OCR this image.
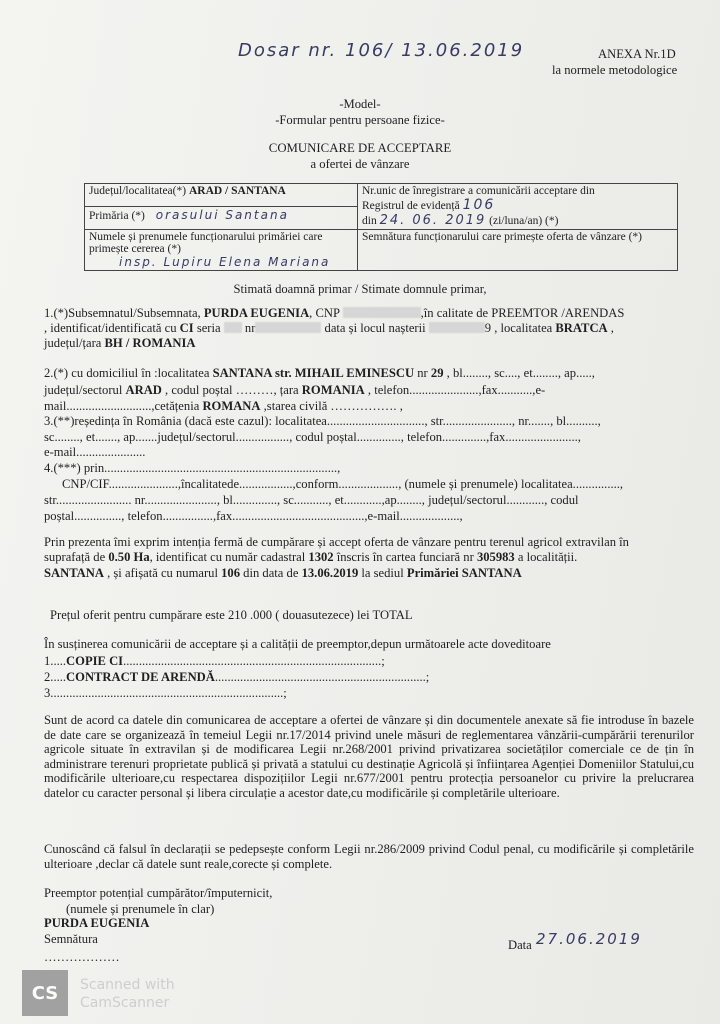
Dosar nr. 106/ 13.06.2019	ANEXA Nr.1D
la normele metodologice
-Model-
-Formular pentru persoane fizice-
COMUNICARE DE ACCEPTARE
a ofertei de vânzare
Județul/localitatea(*) ARAD / SANTANA	Nr.unic de înregistrare a comunicării acceptare din
Registrul de evidență 106
din 24. 06. 2019 (zi/luna/an) (*)

Primăria (*) orasului Santana	

Numele și prenumele funcționarului primăriei care primește cererea (*)
insp. Lupiru Elena Mariana	Semnătura funcționarului care primește oferta de vânzare (*)
Stimată doamnă primar / Stimate domnule primar,
1.(*)Subsemnatul/Subsemnata, PURDA EUGENIA, CNP	,în calitate de PREEMTOR /ARENDAS
, identificat/identificată cu CI seria  nr	data și locul nașterii	9 , localitatea BRATCA ,
județul/țara BH / ROMANIA
2.(*) cu domiciliul în :localitatea SANTANA str. MIHAIL EMINESCU nr 29 , bl........, sc...., et........, ap.....,
județul/sectorul ARAD , codul poștal ………, țara ROMANIA , telefon......................,fax...........,e-
mail...........................,cetățenia ROMANA ,starea civilă ……………. ,
3.(**)reședința în România (dacă este cazul): localitatea..............................., str......................, nr......., bl..........,
sc........, et......., ap.......județul/sectorul................., codul poștal.............., telefon..............,fax.......................,
e-mail......................
4.(***) prin..........................................................................,
CNP/CIF......................,încalitatede.................,conform..................., (numele și prenumele) localitatea...............,
str........................ nr......................., bl.............., sc..........., et............,ap........, județul/sectorul............, codul
poștal..............., telefon................,fax..........................................,e-mail...................,
Prin prezenta îmi exprim intenția fermă de cumpărare și accept oferta de vânzare pentru terenul agricol extravilan în
suprafață de 0.50 Ha, identificat cu număr cadastral 1302 înscris în cartea funciară nr 305983 a localității.
SANTANA , și afișată cu numarul 106 din data de 13.06.2019 la sediul Primăriei SANTANA
Prețul oferit pentru cumpărare este 210 .000 ( douasutezece) lei TOTAL
În susținerea comunicării de acceptare și a calității de preemptor,depun următoarele acte doveditoare
1.....COPIE CI..................................................................................;
2.....CONTRACT DE ARENDĂ...................................................................;
3..........................................................................;
Sunt de acord ca datele din comunicarea de acceptare a ofertei de vânzare și din documentele anexate să fie introduse în bazele de date care se organizează în temeiul Legii nr.17/2014 privind unele măsuri de reglementarea vânzării-cumpărării terenurilor agricole situate în extravilan și de modificarea Legii nr.268/2001 privind privatizarea societăților comerciale ce de țin în administrare terenuri proprietate publică și privată a statului cu destinație Agricolă și înființarea Agenției Domeniilor Statului,cu modificările ulterioare,cu respectarea dispozițiilor Legii nr.677/2001 pentru protecția persoanelor cu privire la prelucrarea datelor cu caracter personal și libera circulație a acestor date,cu modificările și completările ulterioare.
Cunoscând că falsul în declarații se pedepsește conform Legii nr.286/2009 privind Codul penal, cu modificările și completările ulterioare ,declar că datele sunt reale,corecte și complete.
Preemptor potențial cumpărător/împuternicit,
(numele și prenumele în clar)
PURDA EUGENIA
Semnătura
………………
Data 27.06.2019
CS	Scanned with
CamScanner
